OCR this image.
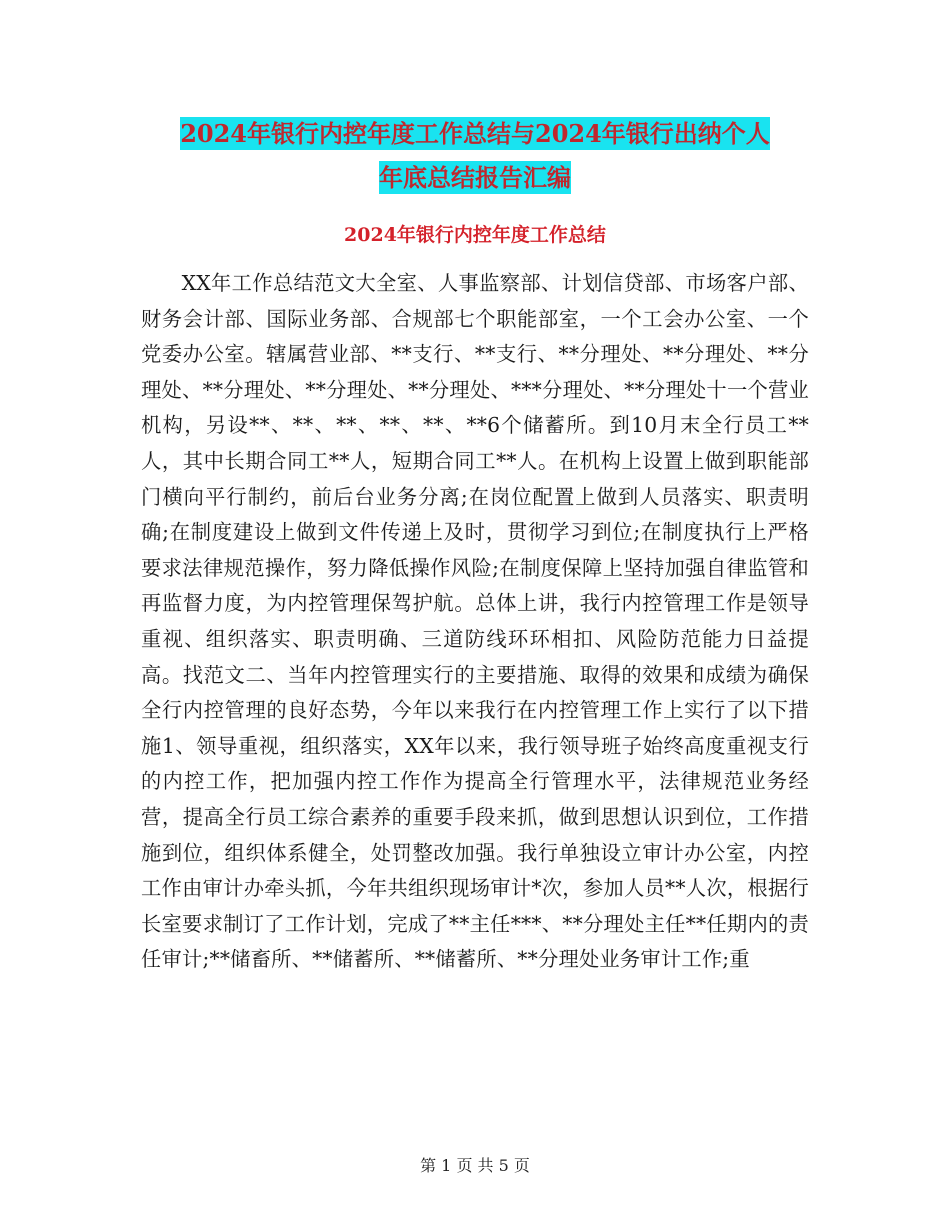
2024年银行内控年度工作总结与2024年银行出纳个人
年底总结报告汇编
2024年银行内控年度工作总结

XX年工作总结范文大全室、人事监察部、计划信贷部、市场客户部、财务会计部、国际业务部、合规部七个职能部室，一个工会办公室、一个党委办公室。辖属营业部、**支行、**支行、**分理处、**分理处、**分理处、**分理处、**分理处、**分理处、***分理处、**分理处十一个营业机构，另设**、**、**、**、**、**6个储蓄所。到10月末全行员工**人，其中长期合同工**人，短期合同工**人。在机构上设置上做到职能部门横向平行制约，前后台业务分离;在岗位配置上做到人员落实、职责明确;在制度建设上做到文件传递上及时，贯彻学习到位;在制度执行上严格要求法律规范操作，努力降低操作风险;在制度保障上坚持加强自律监管和再监督力度，为内控管理保驾护航。总体上讲，我行内控管理工作是领导重视、组织落实、职责明确、三道防线环环相扣、风险防范能力日益提高。找范文二、当年内控管理实行的主要措施、取得的效果和成绩为确保全行内控管理的良好态势，今年以来我行在内控管理工作上实行了以下措施1、领导重视，组织落实，XX年以来，我行领导班子始终高度重视支行的内控工作，把加强内控工作作为提高全行管理水平，法律规范业务经营，提高全行员工综合素养的重要手段来抓，做到思想认识到位，工作措施到位，组织体系健全，处罚整改加强。我行单独设立审计办公室，内控工作由审计办牵头抓，今年共组织现场审计*次，参加人员**人次，根据行长室要求制订了工作计划，完成了**主任***、**分理处主任**任期内的责任审计;**储畜所、**储蓄所、**储蓄所、**分理处业务审计工作;重

第 1 页 共 5 页
